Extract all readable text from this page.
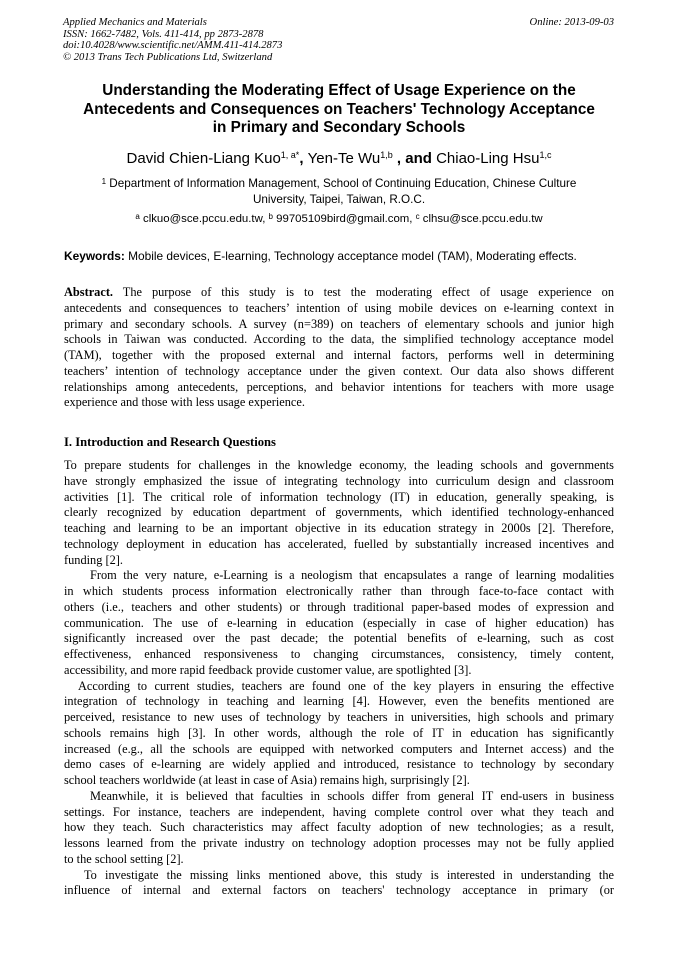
Applied Mechanics and Materials
ISSN: 1662-7482, Vols. 411-414, pp 2873-2878
doi:10.4028/www.scientific.net/AMM.411-414.2873
© 2013 Trans Tech Publications Ltd, Switzerland
Online: 2013-09-03
Understanding the Moderating Effect of Usage Experience on the
Antecedents and Consequences on Teachers' Technology Acceptance
in Primary and Secondary Schools
David Chien-Liang Kuo$^{1, a*}$, Yen-Te Wu$^{1,b}$ , and Chiao-Ling Hsu$^{1,c}$
$^1$ Department of Information Management, School of Continuing Education, Chinese Culture
University, Taipei, Taiwan, R.O.C.
$^a$ clkuo@sce.pccu.edu.tw, $^b$ 99705109bird@gmail.com, $^c$ clhsu@sce.pccu.edu.tw
Keywords: Mobile devices, E-learning, Technology acceptance model (TAM), Moderating effects.
Abstract. The purpose of this study is to test the moderating effect of usage experience on
antecedents and consequences to teachers’ intention of using mobile devices on e-learning context in
primary and secondary schools. A survey (n=389) on teachers of elementary schools and junior high
schools in Taiwan was conducted. According to the data, the simplified technology acceptance model
(TAM), together with the proposed external and internal factors, performs well in determining
teachers’ intention of technology acceptance under the given context. Our data also shows different
relationships among antecedents, perceptions, and behavior intentions for teachers with more usage
experience and those with less usage experience.
I. Introduction and Research Questions
To prepare students for challenges in the knowledge economy, the leading schools and governments
have strongly emphasized the issue of integrating technology into curriculum design and classroom
activities [1]. The critical role of information technology (IT) in education, generally speaking, is
clearly recognized by education department of governments, which identified technology-enhanced
teaching and learning to be an important objective in its education strategy in 2000s [2]. Therefore,
technology deployment in education has accelerated, fuelled by substantially increased incentives and
funding [2].
From the very nature, e-Learning is a neologism that encapsulates a range of learning modalities
in which students process information electronically rather than through face-to-face contact with
others (i.e., teachers and other students) or through traditional paper-based modes of expression and
communication. The use of e-learning in education (especially in case of higher education) has
significantly increased over the past decade; the potential benefits of e-learning, such as cost
effectiveness, enhanced responsiveness to changing circumstances, consistency, timely content,
accessibility, and more rapid feedback provide customer value, are spotlighted [3].
According to current studies, teachers are found one of the key players in ensuring the effective
integration of technology in teaching and learning [4]. However, even the benefits mentioned are
perceived, resistance to new uses of technology by teachers in universities, high schools and primary
schools remains high [3]. In other words, although the role of IT in education has significantly
increased (e.g., all the schools are equipped with networked computers and Internet access) and the
demo cases of e-learning are widely applied and introduced, resistance to technology by secondary
school teachers worldwide (at least in case of Asia) remains high, surprisingly [2].
Meanwhile, it is believed that faculties in schools differ from general IT end-users in business
settings. For instance, teachers are independent, having complete control over what they teach and
how they teach. Such characteristics may affect faculty adoption of new technologies; as a result,
lessons learned from the private industry on technology adoption processes may not be fully applied
to the school setting [2].
To investigate the missing links mentioned above, this study is interested in understanding the
influence of internal and external factors on teachers' technology acceptance in primary (or
